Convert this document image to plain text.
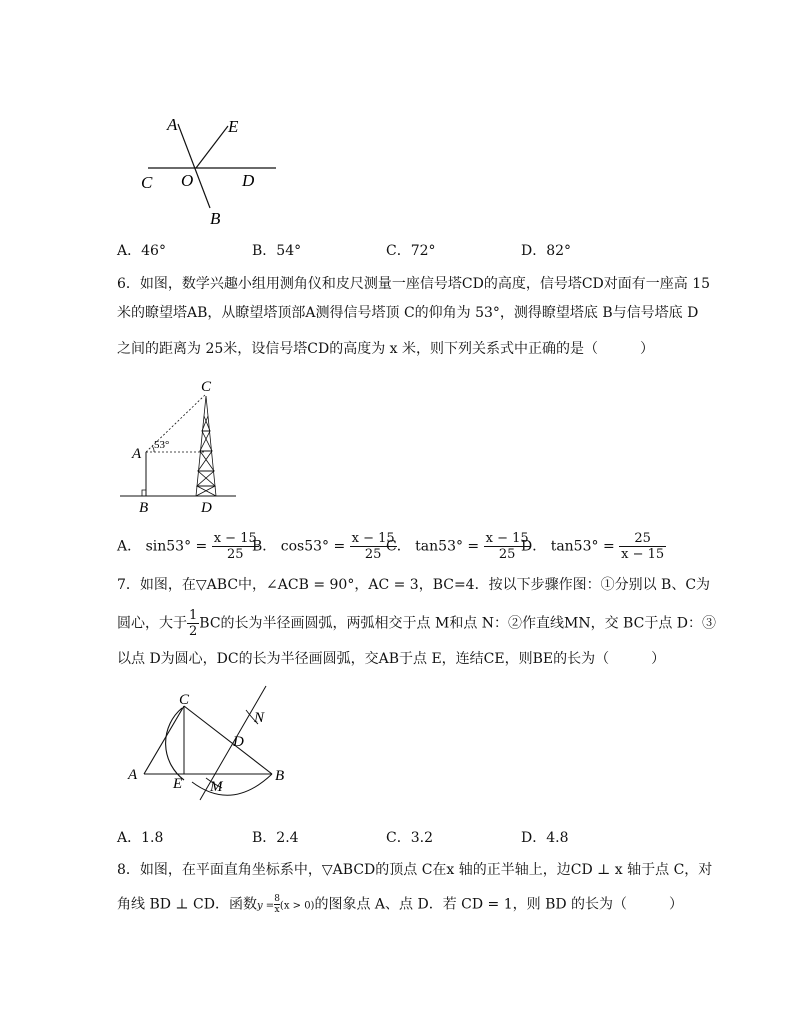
A	E
C O	D
B
A．46°	B．54°	C．72°	D．82°
6．如图，数学兴趣小组用测角仪和皮尺测量一座信号塔CD的高度，信号塔CD对面有一座高 15
米的瞭望塔AB，从瞭望塔顶部A测得信号塔顶 C的仰角为 53°，测得瞭望塔底 B与信号塔底 D
之间的距离为 25米，设信号塔CD的高度为 x 米，则下列关系式中正确的是（　　　）
C
A
53°
B	D
A． $\sin 53^\circ = \frac{x - 15}{25}$
B． $\cos 53^\circ = \frac{x - 15}{25}$
C． $\tan 53^\circ = \frac{x - 15}{25}$
D． $\tan 53^\circ = \frac{25}{x - 15}$
7．如图，在▽ABC中，∠ACB = 90°，AC = 3，BC=4．按以下步骤作图：①分别以 B、C为
圆心，大于 $\frac{1}{2}$ BC的长为半径画圆弧，两弧相交于点 M和点 N：②作直线MN，交 BC于点 D：③
以点 D为圆心，DC的长为半径画圆弧，交AB于点 E，连结CE，则BE的长为（　　　）
C
N
D
A
E M
B
A．1.8	B．2.4	C．3.2	D．4.8
8．如图，在平面直角坐标系中，▽ABCD的顶点 C在x 轴的正半轴上，边CD ⊥ x 轴于点 C，对
角线 BD ⊥ CD．函数$y = \frac{8}{x}(x > 0)$的图象点 A、点 D．若 CD = 1，则 BD 的长为（　　　）
